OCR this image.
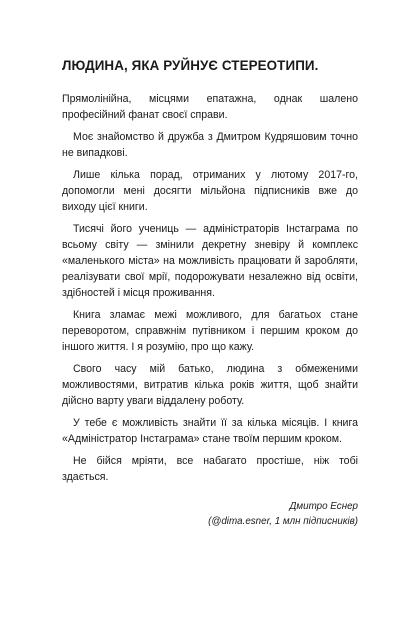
ЛЮДИНА, ЯКА РУЙНУЄ СТЕРЕОТИПИ.

Прямолінійна, місцями епатажна, однак шалено професійний фанат своєї справи.

Моє знайомство й дружба з Дмитром Кудряшовим точно не випадкові.

Лише кілька порад, отриманих у лютому 2017-го, допомогли мені досягти мільйона підписників вже до виходу цієї книги.

Тисячі його учениць — адміністраторів Інстаграма по всьому світу — змінили декретну зневіру й комплекс «маленького міста» на можливість працювати й заробляти, реалізувати свої мрії, подорожувати незалежно від освіти, здібностей і місця проживання.

Книга зламає межі можливого, для багатьох стане переворотом, справжнім путівником і першим кроком до іншого життя. І я розумію, про що кажу.

Свого часу мій батько, людина з обмеженими можливостями, витратив кілька років життя, щоб знайти дійсно варту уваги віддалену роботу.

У тебе є можливість знайти її за кілька місяців. І книга «Адміністратор Інстаграма» стане твоїм першим кроком.

Не бійся мріяти, все набагато простіше, ніж тобі здається.

Дмитро Еснер
(@dima.esner, 1 млн підписників)
